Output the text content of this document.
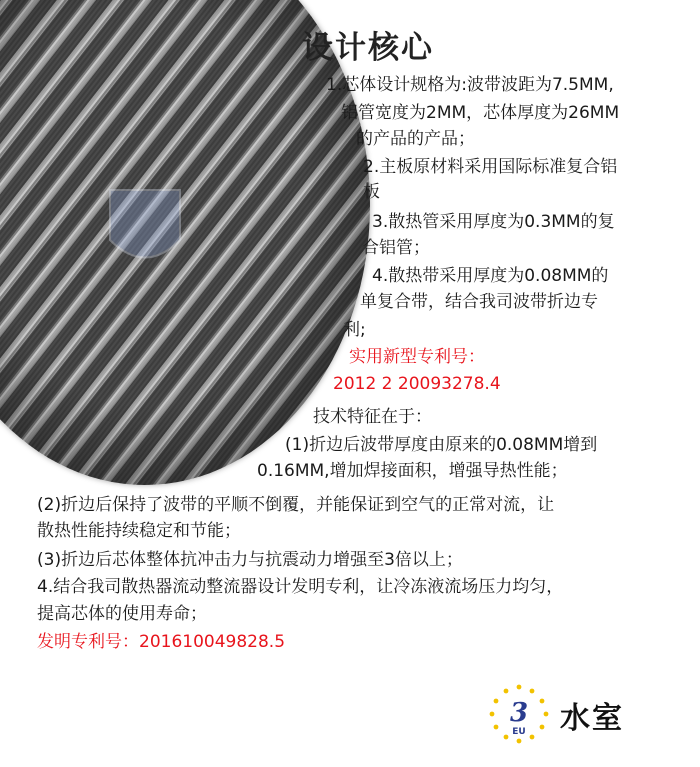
设计核心
1.芯体设计规格为:波带波距为7.5MM,
铝管宽度为2MM，芯体厚度为26MM
的产品的产品；
2.主板原材料采用国际标准复合铝
板
3.散热管采用厚度为0.3MM的复
合铝管；
4.散热带采用厚度为0.08MM的
单复合带，结合我司波带折边专
利;
实用新型专利号：
2012 2 20093278.4
技术特征在于：
(1)折边后波带厚度由原来的0.08MM增到
0.16MM,增加焊接面积，增强导热性能；
(2)折边后保持了波带的平顺不倒覆，并能保证到空气的正常对流，让
散热性能持续稳定和节能；
(3)折边后芯体整体抗冲击力与抗震动力增强至3倍以上；
4.结合我司散热器流动整流器设计发明专利，让冷冻液流场压力均匀，
提高芯体的使用寿命；
发明专利号：201610049828.5
3
EU 水室
